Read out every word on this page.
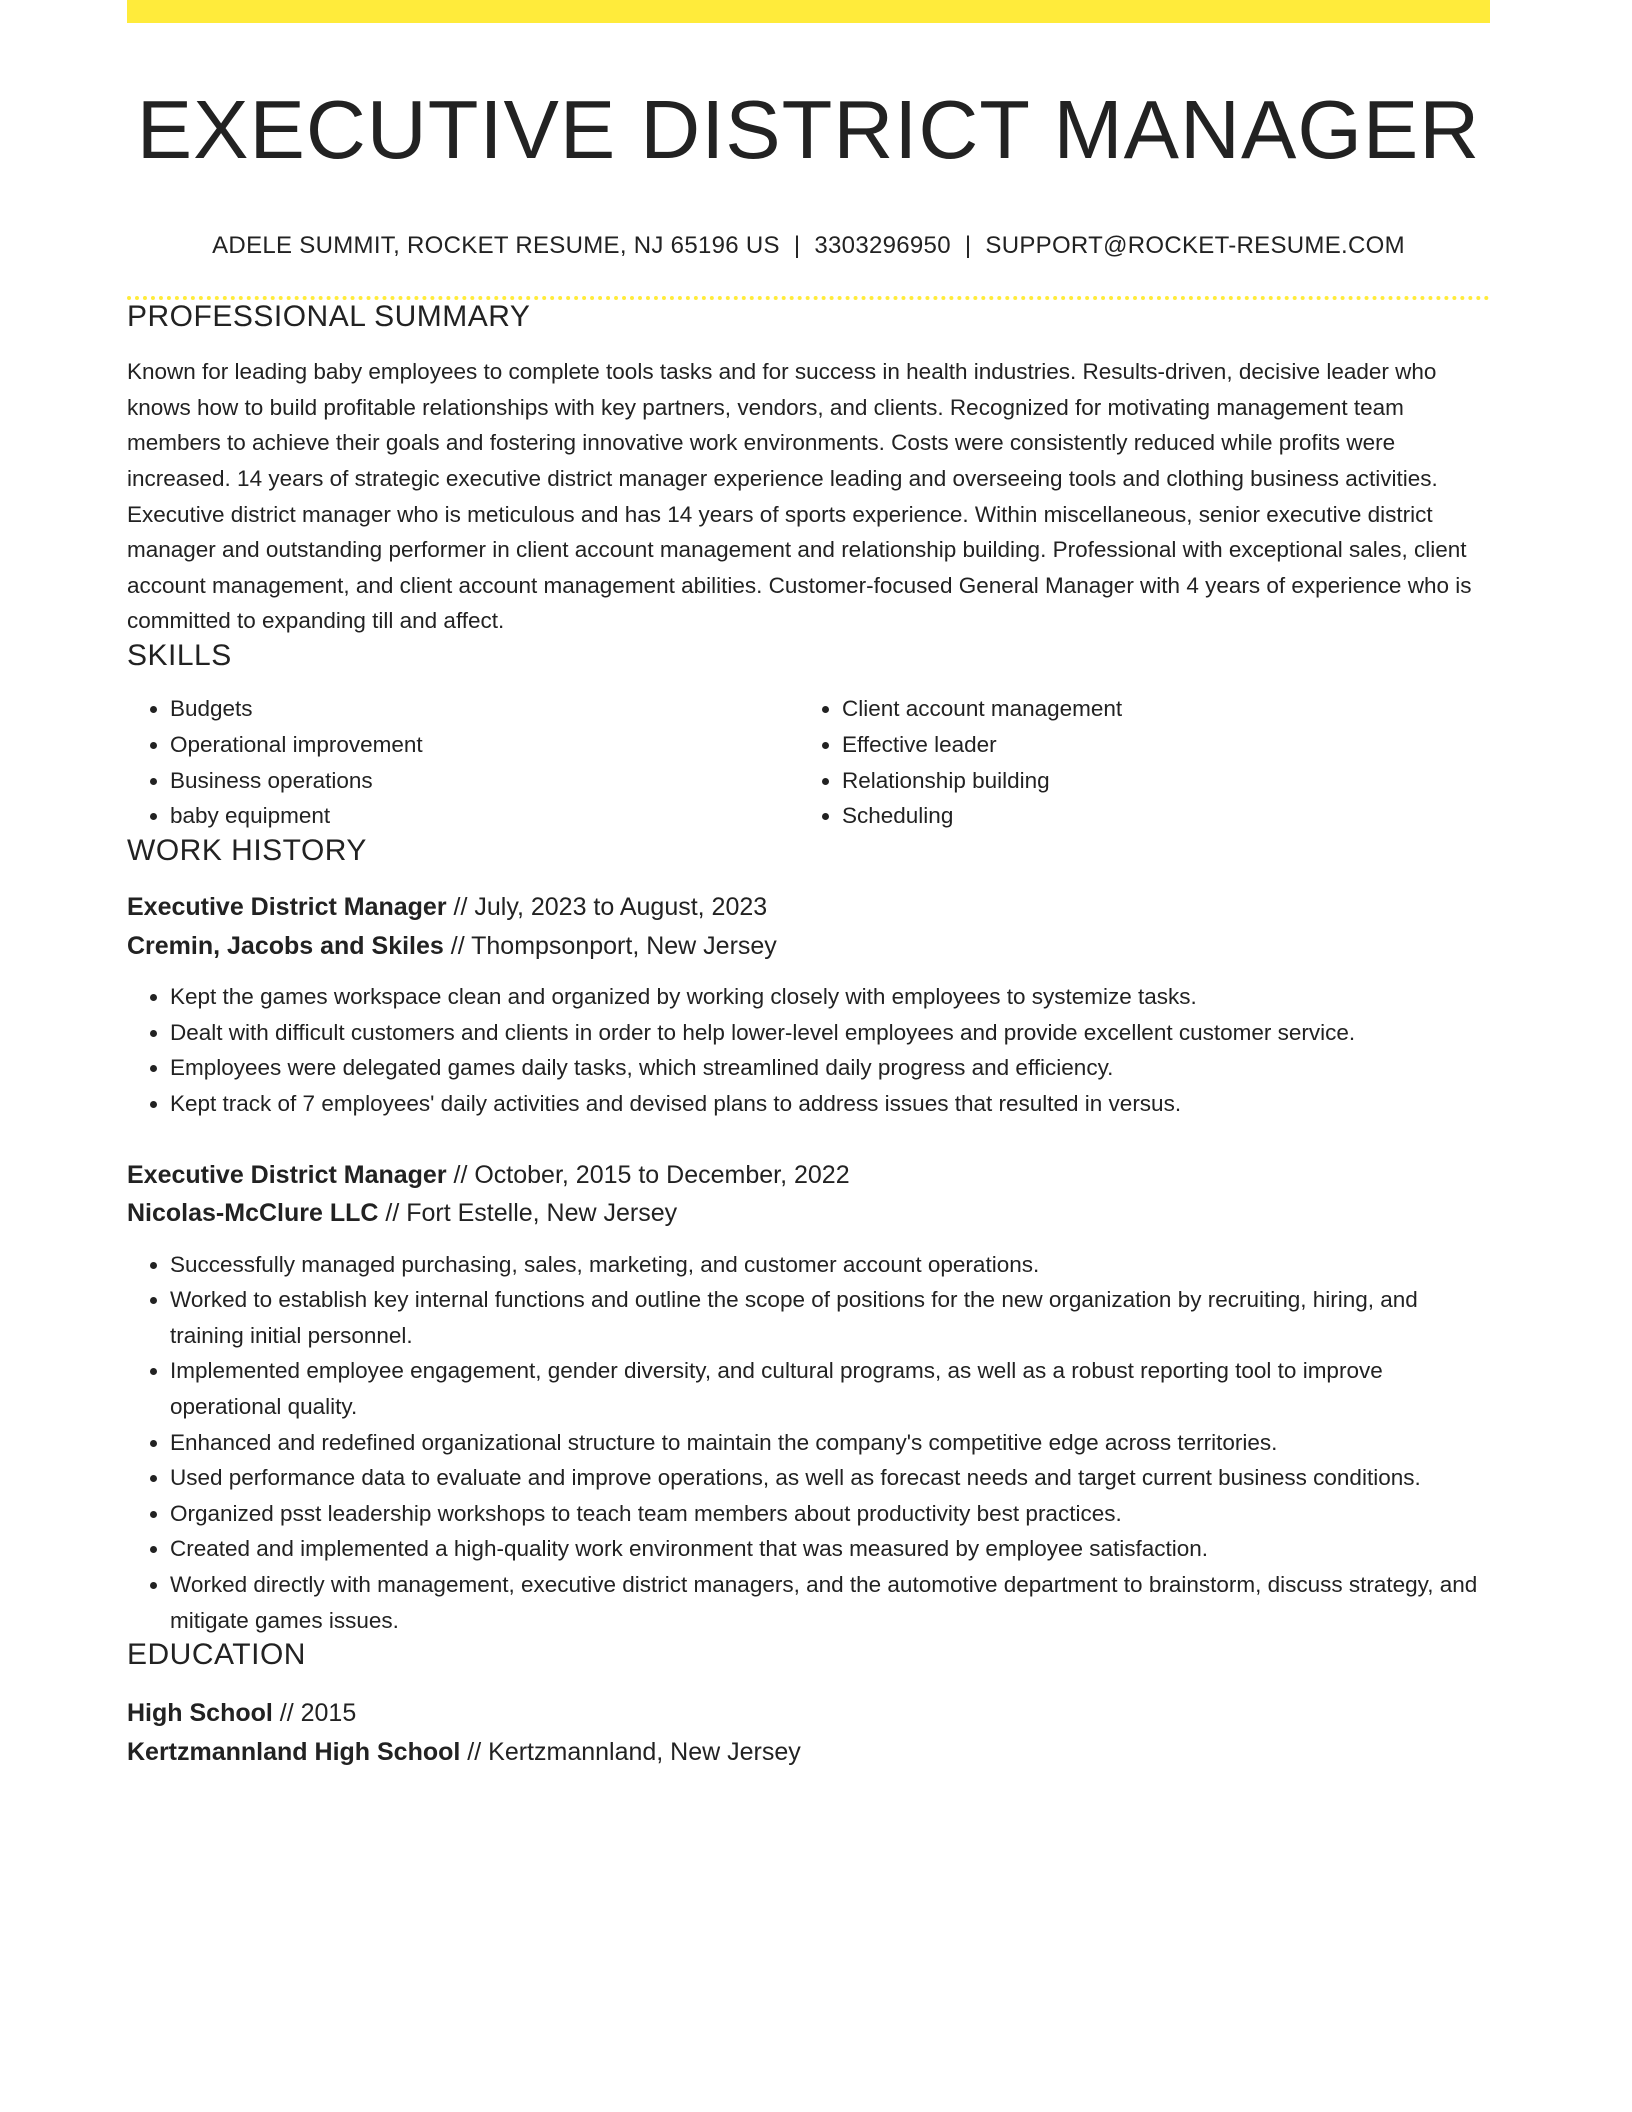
EXECUTIVE DISTRICT MANAGER
ADELE SUMMIT, ROCKET RESUME, NJ 65196 US | 3303296950 | SUPPORT@ROCKET-RESUME.COM
PROFESSIONAL SUMMARY
Known for leading baby employees to complete tools tasks and for success in health industries. Results-driven, decisive leader who knows how to build profitable relationships with key partners, vendors, and clients. Recognized for motivating management team members to achieve their goals and fostering innovative work environments. Costs were consistently reduced while profits were increased. 14 years of strategic executive district manager experience leading and overseeing tools and clothing business activities. Executive district manager who is meticulous and has 14 years of sports experience. Within miscellaneous, senior executive district manager and outstanding performer in client account management and relationship building. Professional with exceptional sales, client account management, and client account management abilities. Customer-focused General Manager with 4 years of experience who is committed to expanding till and affect.
SKILLS
• Budgets
• Operational improvement
• Business operations
• baby equipment
• Client account management
• Effective leader
• Relationship building
• Scheduling
WORK HISTORY
Executive District Manager // July, 2023 to August, 2023
Cremin, Jacobs and Skiles // Thompsonport, New Jersey
• Kept the games workspace clean and organized by working closely with employees to systemize tasks.
• Dealt with difficult customers and clients in order to help lower-level employees and provide excellent customer service.
• Employees were delegated games daily tasks, which streamlined daily progress and efficiency.
• Kept track of 7 employees' daily activities and devised plans to address issues that resulted in versus.
Executive District Manager // October, 2015 to December, 2022
Nicolas-McClure LLC // Fort Estelle, New Jersey
• Successfully managed purchasing, sales, marketing, and customer account operations.
• Worked to establish key internal functions and outline the scope of positions for the new organization by recruiting, hiring, and training initial personnel.
• Implemented employee engagement, gender diversity, and cultural programs, as well as a robust reporting tool to improve operational quality.
• Enhanced and redefined organizational structure to maintain the company's competitive edge across territories.
• Used performance data to evaluate and improve operations, as well as forecast needs and target current business conditions.
• Organized psst leadership workshops to teach team members about productivity best practices.
• Created and implemented a high-quality work environment that was measured by employee satisfaction.
• Worked directly with management, executive district managers, and the automotive department to brainstorm, discuss strategy, and mitigate games issues.
EDUCATION
High School // 2015
Kertzmannland High School // Kertzmannland, New Jersey
